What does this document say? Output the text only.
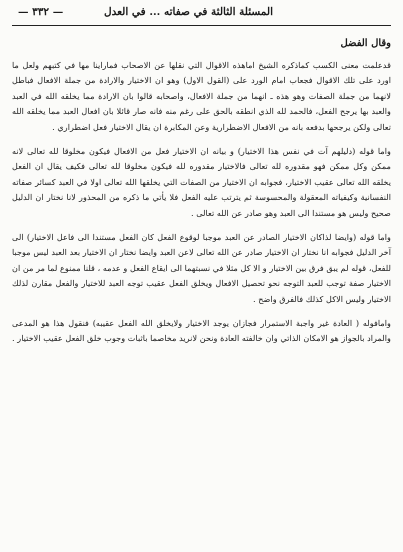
المسئلة الثالثة في صفاته ... في العدل
— ٣٣٢ —
وقال الفضل

قدعلمت معنى الكسب كماذكره الشيخ اماهذه الاقوال التي نقلها عن الاصحاب فماراينا مها في كتبهم ولعل ما اورد على تلك الاقوال فجعاب امام الورد على (القول الاول) وهو ان الاختيار والارادة من جملة الافعال فباطل لانهما من جملة الصفات وهو هذه ـ انهما من جملة الافعال، واصحابه قالوا بان الارادة مما يخلقه الله في العبد والعبد بها يرجح الفعل، فالحمد لله الذي انطقه بالحق على رغم منه فانه صار قائلا بان افعال العبد مما يخلقه الله تعالى ولكن يرجحها بدفعه بانه من الافعال الاضطرارية وعن المكابرة ان يقال الاختيار فعل اضطراري .

واما قوله (دليلهم آت في نفس هذا الاختيار) و بيانه ان الاختيار فعل من الافعال فيكون مخلوقا لله تعالى لانه ممكن وكل ممكن فهو مقدوره لله تعالى فالاختيار مقدوره لله فيكون مخلوقا لله تعالى فكيف يقال ان الفعل يخلقه الله تعالى عقيب الاختيار، فجوابه ان الاختيار من الصفات التي يخلقها الله تعالى اولا في العبد كسائر صفاته النفسانية وكيفياته المعقولة والمحسوسة ثم يترتب عليه الفعل فلا يأتي ما ذكره من المحذور لانا نختار ان الدليل صحيح وليس هو مستندا الى العبد وهو صادر عن الله تعالى .

واما قوله (وايضا لذاكان الاختيار الصادر عن العبد موجبا لوقوع الفعل كان الفعل مستندا الى فاعل الاختيار) الى آخر الدليل فجوابه انا نختار ان الاختيار صادر عن الله تعالى لاعن العبد وايضا نختار ان الاختيار بعد العبد ليس موجبا للفعل، قوله لم يبق فرق بين الاختيار و الا كل مثلا في نسبتهما الى ايقاع الفعل و عدمه ، قلنا ممنوع لما مر من ان الاختيار صفة توجب للعبد التوجه نحو تحصيل الافعال ويخلق الفعل عقيب توجه العبد للاختيار والفعل مقارن لذلك الاختيار وليس الاكل كذلك فالفرق واضح .

وامافوله ( العادة غير واجبة الاستمرار فجازان يوجد الاختيار ولايخلق الله الفعل عقيبه) فنقول هذا هو المدعى والمراد بالجواز هو الامكان الذاتي وان خالفته العادة ونحن لانريد مخاصما باثبات وجوب خلق الفعل عقيب الاختيار .
